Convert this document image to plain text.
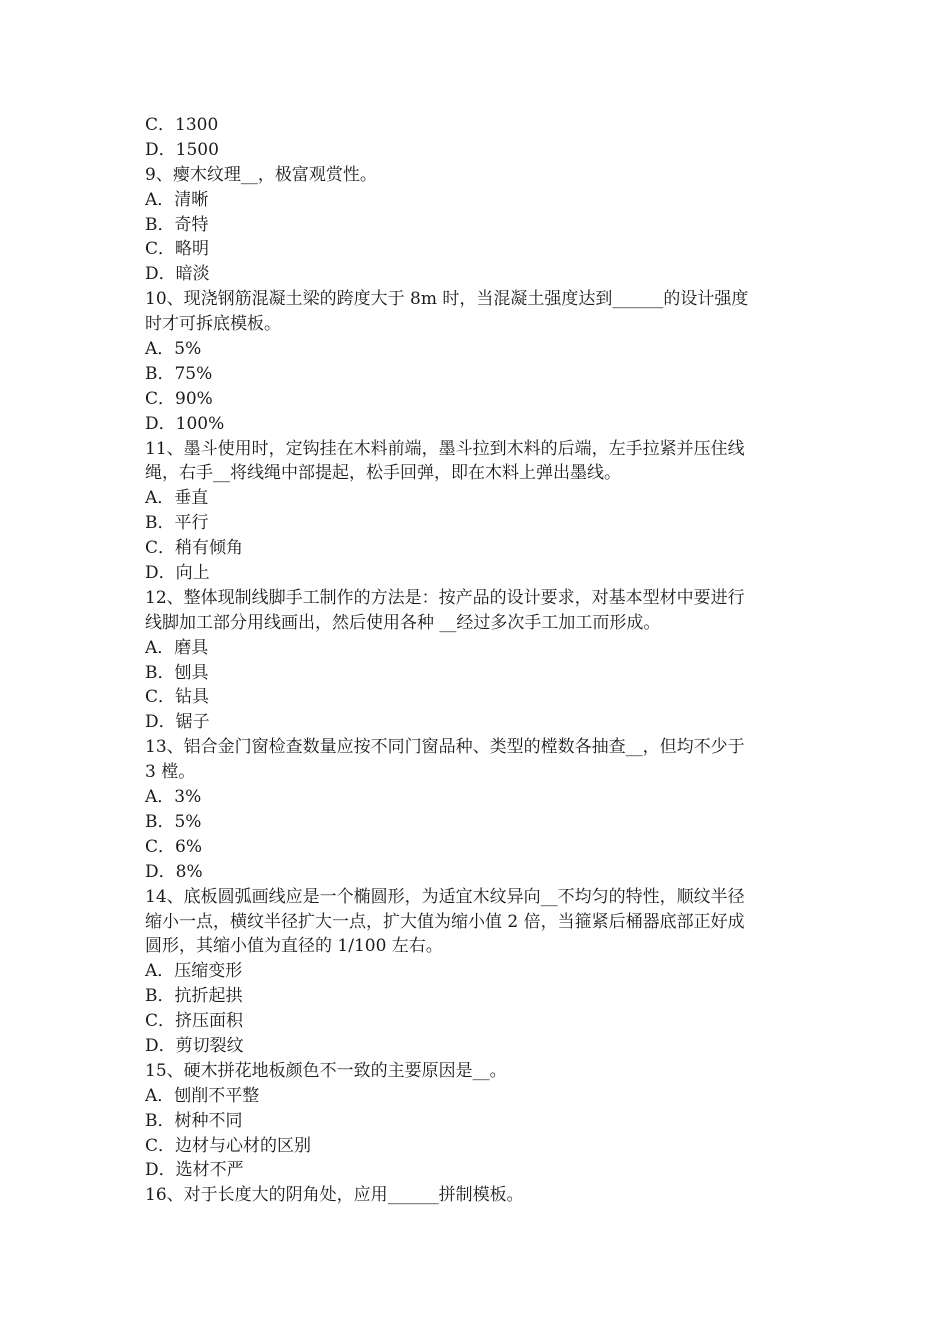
C．1300

D．1500

9、瘿木纹理__，极富观赏性。

A．清晰

B．奇特

C．略明

D．暗淡

10、现浇钢筋混凝土梁的跨度大于 8m 时，当混凝土强度达到______的设计强度

时才可拆底模板。

A．5%

B．75%

C．90%

D．100%

11、墨斗使用时，定钩挂在木料前端，墨斗拉到木料的后端，左手拉紧并压住线

绳，右手__将线绳中部提起，松手回弹，即在木料上弹出墨线。

A．垂直

B．平行

C．稍有倾角

D．向上

12、整体现制线脚手工制作的方法是：按产品的设计要求，对基本型材中要进行

线脚加工部分用线画出，然后使用各种 __经过多次手工加工而形成。

A．磨具

B．刨具

C．钻具

D．锯子

13、铝合金门窗检查数量应按不同门窗品种、类型的樘数各抽查__，但均不少于

3 樘。

A．3%

B．5%

C．6%

D．8%

14、底板圆弧画线应是一个椭圆形，为适宜木纹异向__不均匀的特性，顺纹半径

缩小一点，横纹半径扩大一点，扩大值为缩小值 2 倍，当箍紧后桶器底部正好成

圆形，其缩小值为直径的 1/100 左右。

A．压缩变形

B．抗折起拱

C．挤压面积

D．剪切裂纹

15、硬木拼花地板颜色不一致的主要原因是__。

A．刨削不平整

B．树种不同

C．边材与心材的区别

D．选材不严

16、对于长度大的阴角处，应用______拼制模板。
